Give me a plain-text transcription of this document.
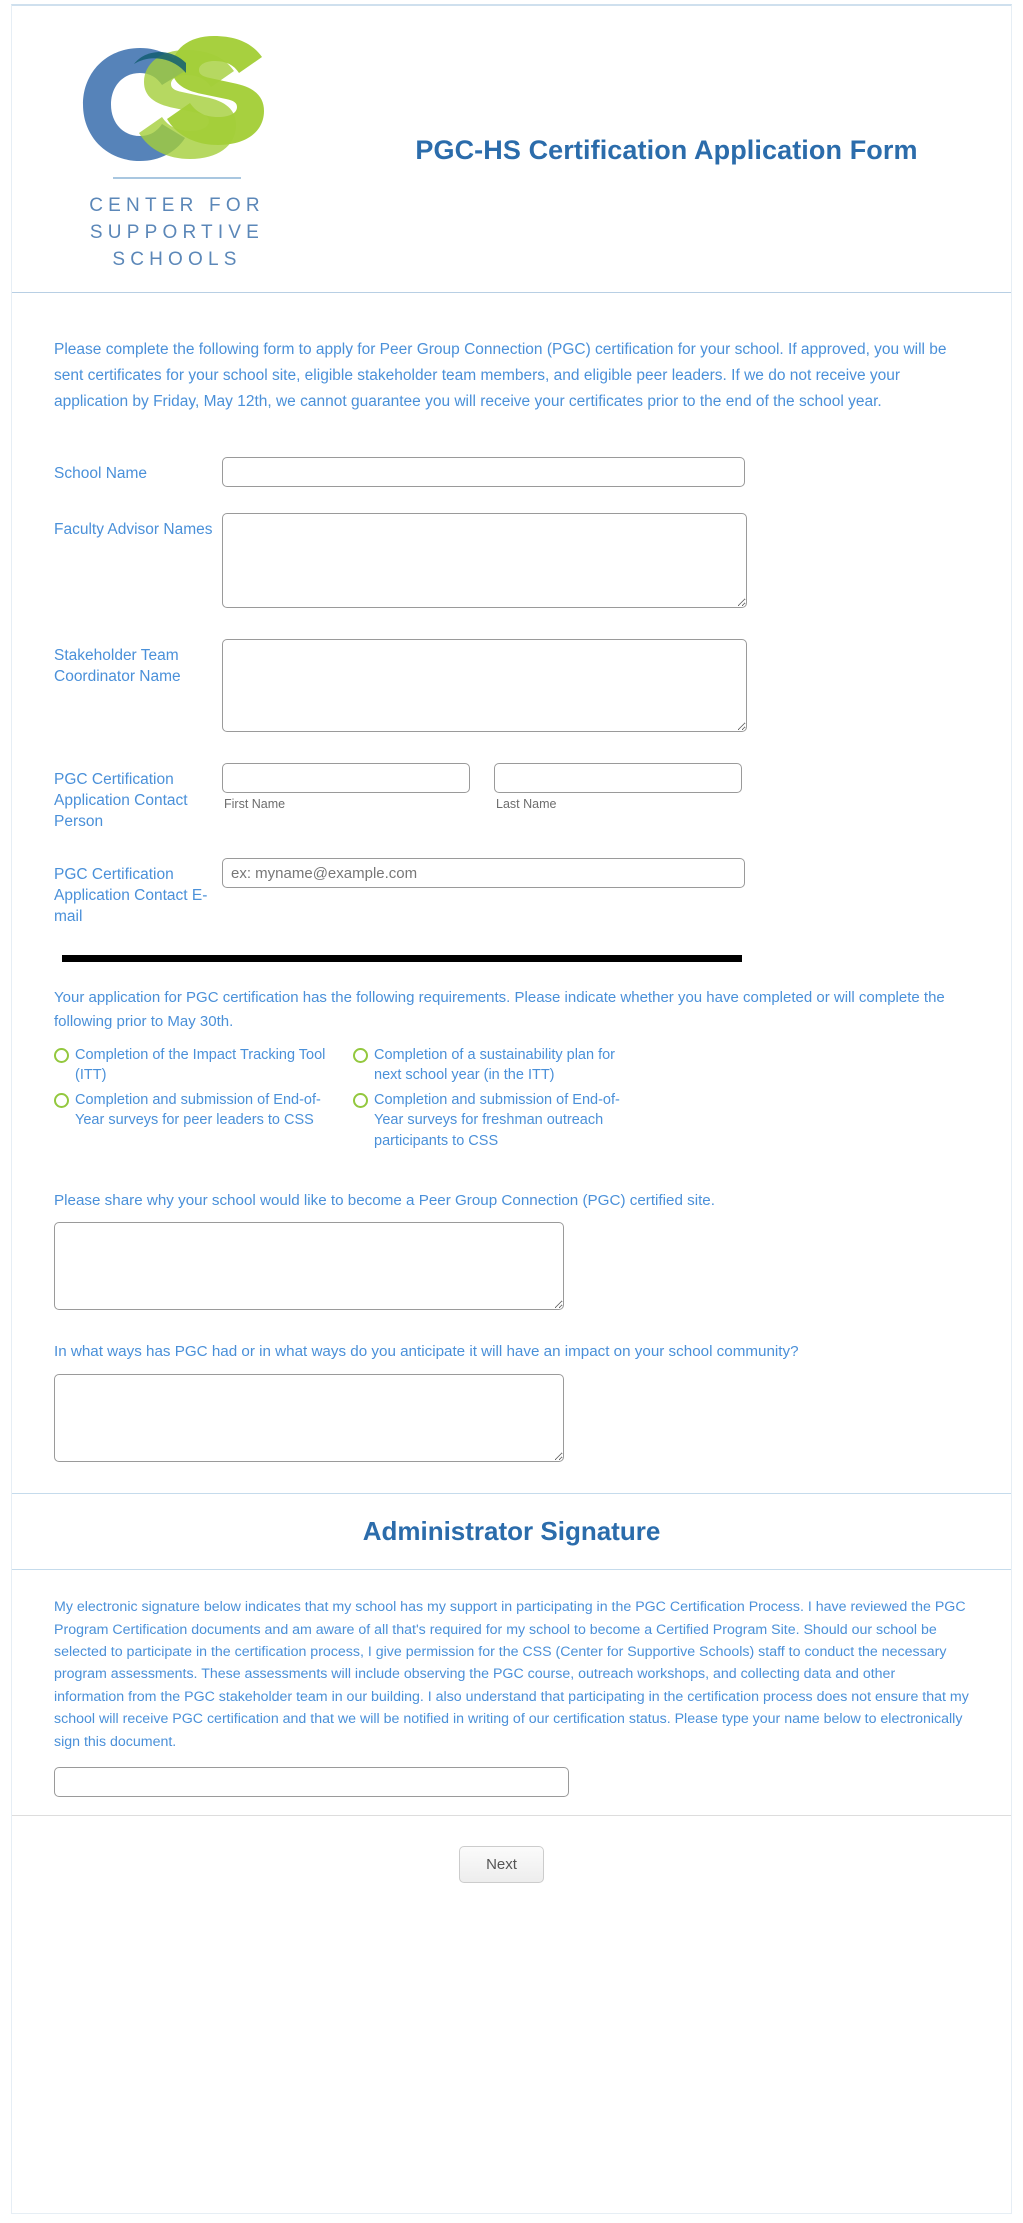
CENTER FOR
SUPPORTIVE
SCHOOLS
PGC-HS Certification Application Form

Please complete the following form to apply for Peer Group Connection (PGC) certification for your school. If approved, you will be sent certificates for your school site, eligible stakeholder team members, and eligible peer leaders. If we do not receive your application by Friday, May 12th, we cannot guarantee you will receive your certificates prior to the end of the school year.

School Name
Faculty Advisor Names
Stakeholder Team Coordinator Name
PGC Certification Application Contact Person
First Name	Last Name
PGC Certification Application Contact E-mail
ex: myname@example.com

Your application for PGC certification has the following requirements. Please indicate whether you have completed or will complete the following prior to May 30th.

Completion of the Impact Tracking Tool (ITT)
Completion of a sustainability plan for next school year (in the ITT)
Completion and submission of End-of-Year surveys for peer leaders to CSS
Completion and submission of End-of-Year surveys for freshman outreach participants to CSS

Please share why your school would like to become a Peer Group Connection (PGC) certified site.

In what ways has PGC had or in what ways do you anticipate it will have an impact on your school community?

Administrator Signature

My electronic signature below indicates that my school has my support in participating in the PGC Certification Process. I have reviewed the PGC Program Certification documents and am aware of all that's required for my school to become a Certified Program Site. Should our school be selected to participate in the certification process, I give permission for the CSS (Center for Supportive Schools) staff to conduct the necessary program assessments. These assessments will include observing the PGC course, outreach workshops, and collecting data and other information from the PGC stakeholder team in our building. I also understand that participating in the certification process does not ensure that my school will receive PGC certification and that we will be notified in writing of our certification status. Please type your name below to electronically sign this document.

Next
